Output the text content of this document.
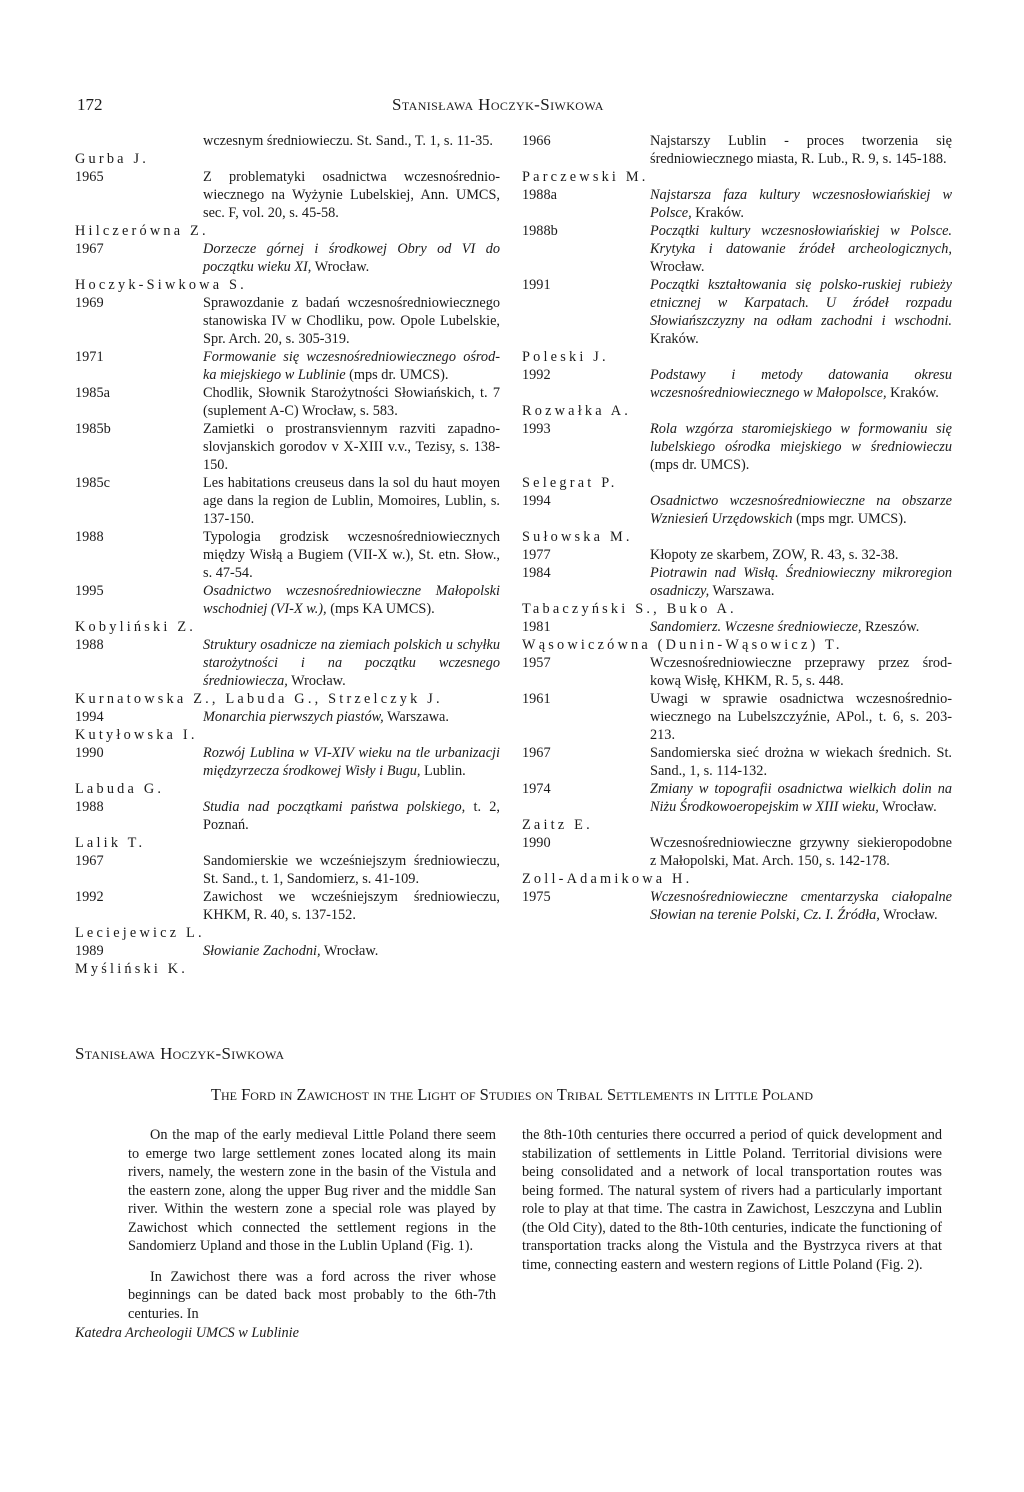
172	Stanisława Hoczyk-Siwkowa
wczesnym średniowieczu. St. Sand., T. 1, s. 11-35.
Gurba J.
1965	Z problematyki osadnictwa wczesnośrednio-wiecznego na Wyżynie Lubelskiej, Ann. UMCS, sec. F, vol. 20, s. 45-58.
Hilczerówna Z.
1967	Dorzecze górnej i środkowej Obry od VI do początku wieku XI, Wrocław.
Hoczyk-Siwkowa S.
1969	Sprawozdanie z badań wczesnośredniowiecznego stanowiska IV w Chodliku, pow. Opole Lubelskie, Spr. Arch. 20, s. 305-319.
1971	Formowanie się wczesnośredniowiecznego ośrod-ka miejskiego w Lublinie (mps dr. UMCS).
1985a	Chodlik, Słownik Starożytności Słowiańskich, t. 7 (suplement A-C) Wrocław, s. 583.
1985b	Zamietki o prostransviennym razviti zapadno-slovjanskich gorodov v X-XIII v.v., Tezisy, s. 138-150.
1985c	Les habitations creuseus dans la sol du haut moyen age dans la region de Lublin, Momoires, Lublin, s. 137-150.
1988	Typologia grodzisk wczesnośredniowiecznych między Wisłą a Bugiem (VII-X w.), St. etn. Słow., s. 47-54.
1995	Osadnictwo wczesnośredniowieczne Małopolski wschodniej (VI-X w.), (mps KA UMCS).
Kobyliński Z.
1988	Struktury osadnicze na ziemiach polskich u schyłku starożytności i na początku wczesnego średniowiecza, Wrocław.
Kurnatowska Z., Labuda G., Strzelczyk J.
1994	Monarchia pierwszych piastów, Warszawa.
Kutyłowska I.
1990	Rozwój Lublina w VI-XIV wieku na tle urbanizacji międzyrzecza środkowej Wisły i Bugu, Lublin.
Labuda G.
1988	Studia nad początkami państwa polskiego, t. 2, Poznań.
Lalik T.
1967	Sandomierskie we wcześniejszym średniowieczu, St. Sand., t. 1, Sandomierz, s. 41-109.
1992	Zawichost we wcześniejszym średniowieczu, KHKM, R. 40, s. 137-152.
Leciejewicz L.
1989	Słowianie Zachodni, Wrocław.
Myśliński K.
1966	Najstarszy Lublin - proces tworzenia się średniowiecznego miasta, R. Lub., R. 9, s. 145-188.
Parczewski M.
1988a	Najstarsza faza kultury wczesnosłowiańskiej w Polsce, Kraków.
1988b	Początki kultury wczesnosłowiańskiej w Polsce. Krytyka i datowanie źródeł archeologicznych, Wrocław.
1991	Początki kształtowania się polsko-ruskiej rubieży etnicznej w Karpatach. U źródeł rozpadu Słowiańszczyzny na odłam zachodni i wschodni. Kraków.
Poleski J.
1992	Podstawy i metody datowania okresu wczesnośredniowiecznego w Małopolsce, Kraków.
Rozwałka A.
1993	Rola wzgórza staromiejskiego w formowaniu się lubelskiego ośrodka miejskiego w średniowieczu (mps dr. UMCS).
Selegrat P.
1994	Osadnictwo wczesnośredniowieczne na obszarze Wzniesień Urzędowskich (mps mgr. UMCS).
Sułowska M.
1977	Kłopoty ze skarbem, ZOW, R. 43, s. 32-38.
1984	Piotrawin nad Wisłą. Średniowieczny mikroregion osadniczy, Warszawa.
Tabaczyński S., Buko A.
1981	Sandomierz. Wczesne średniowiecze, Rzeszów.
Wąsowiczówna (Dunin-Wąsowicz) T.
1957	Wczesnośredniowieczne przeprawy przez środ-kową Wisłę, KHKM, R. 5, s. 448.
1961	Uwagi w sprawie osadnictwa wczesnośrednio-wiecznego na Lubelszczyźnie, APol., t. 6, s. 203-213.
1967	Sandomierska sieć drożna w wiekach średnich. St. Sand., 1, s. 114-132.
1974	Zmiany w topografii osadnictwa wielkich dolin na Niżu Środkowoeropejskim w XIII wieku, Wrocław.
Zaitz E.
1990	Wczesnośredniowieczne grzywny siekieropodobne z Małopolski, Mat. Arch. 150, s. 142-178.
Zoll-Adamikowa H.
1975	Wczesnośredniowieczne cmentarzyska ciałopalne Słowian na terenie Polski, Cz. I. Źródła, Wrocław.
Stanisława Hoczyk-Siwkowa
The Ford in Zawichost in the Light of Studies on Tribal Settlements in Little Poland

On the map of the early medieval Little Poland there seem to emerge two large settlement zones located along its main rivers, namely, the western zone in the basin of the Vistula and the eastern zone, along the upper Bug river and the middle San river. Within the western zone a special role was played by Zawichost which connected the settlement regions in the Sandomierz Upland and those in the Lublin Upland (Fig. 1).

In Zawichost there was a ford across the river whose beginnings can be dated back most probably to the 6th-7th centuries. In

the 8th-10th centuries there occurred a period of quick development and stabilization of settlements in Little Poland. Territorial divisions were being consolidated and a network of local transportation routes was being formed. The natural system of rivers had a particularly important role to play at that time. The castra in Zawichost, Leszczyna and Lublin (the Old City), dated to the 8th-10th centuries, indicate the functioning of transportation tracks along the Vistula and the Bystrzyca rivers at that time, connecting eastern and western regions of Little Poland (Fig. 2).

Katedra Archeologii UMCS w Lublinie
